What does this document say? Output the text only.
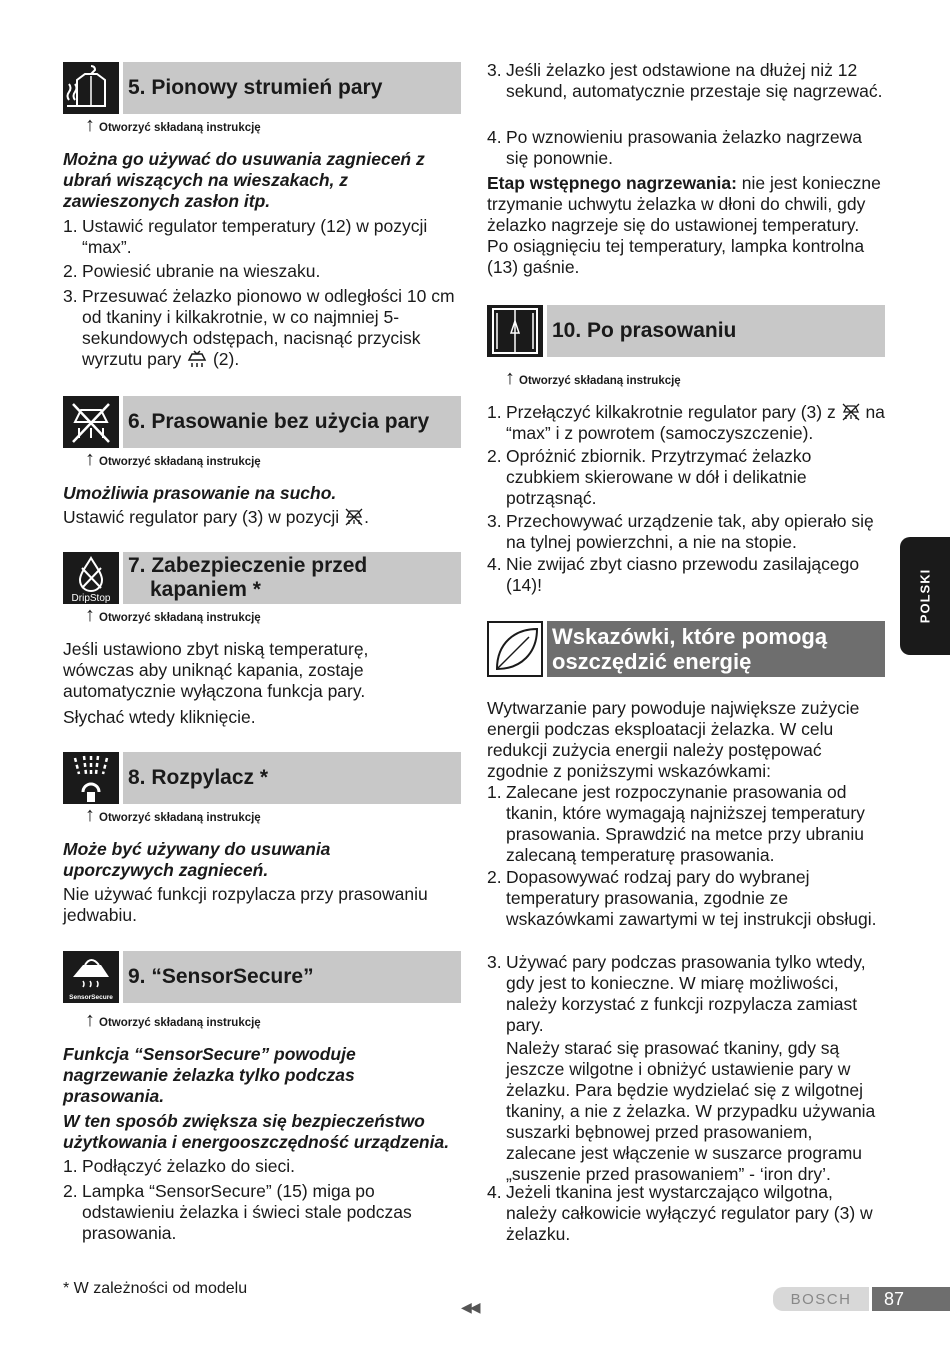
5. Pionowy strumień pary
↑ Otworzyć składaną instrukcję
Można go używać do usuwania zagnieceń z ubrań wiszących na wieszakach, z zawieszonych zasłon itp.
1. Ustawić regulator temperatury (12) w pozycji “max”.
2. Powiesić ubranie na wieszaku.
3. Przesuwać żelazko pionowo w odległości 10 cm od tkaniny i kilkakrotnie, w co najmniej 5-sekundowych odstępach, nacisnąć przycisk wyrzutu pary (2).
6. Prasowanie bez użycia pary
↑ Otworzyć składaną instrukcję
Umożliwia prasowanie na sucho.
Ustawić regulator pary (3) w pozycji .
DripStop
7. Zabezpieczenie przed
kapaniem *
↑ Otworzyć składaną instrukcję
Jeśli ustawiono zbyt niską temperaturę, wówczas aby uniknąć kapania, zostaje automatycznie wyłączona funkcja pary.
Słychać wtedy kliknięcie.
8. Rozpylacz *
↑ Otworzyć składaną instrukcję
Może być używany do usuwania uporczywych zagnieceń.
Nie używać funkcji rozpylacza przy prasowaniu jedwabiu.
SensorSecure
9. “SensorSecure”
↑ Otworzyć składaną instrukcję
Funkcja “SensorSecure” powoduje nagrzewanie żelazka tylko podczas prasowania.
W ten sposób zwiększa się bezpieczeństwo użytkowania i energooszczędność urządzenia.
1. Podłączyć żelazko do sieci.
2. Lampka “SensorSecure” (15) miga po odstawieniu żelazka i świeci stale podczas prasowania.
* W zależności od modelu
3. Jeśli żelazko jest odstawione na dłużej niż 12 sekund, automatycznie przestaje się nagrzewać.
4. Po wznowieniu prasowania żelazko nagrzewa się ponownie.
Etap wstępnego nagrzewania: nie jest konieczne trzymanie uchwytu żelazka w dłoni do chwili, gdy żelazko nagrzeje się do ustawionej temperatury. Po osiągnięciu tej temperatury, lampka kontrolna (13) gaśnie.
10. Po prasowaniu
↑ Otworzyć składaną instrukcję
1. Przełączyć kilkakrotnie regulator pary (3) z na “max” i z powrotem (samoczyszczenie).
2. Opróżnić zbiornik. Przytrzymać żelazko czubkiem skierowane w dół i delikatnie potrząsnąć.
3. Przechowywać urządzenie tak, aby opierało się na tylnej powierzchni, a nie na stopie.
4. Nie zwijać zbyt ciasno przewodu zasilającego (14)!
Wskazówki, które pomogą
oszczędzić energię
Wytwarzanie pary powoduje największe zużycie energii podczas eksploatacji żelazka. W celu redukcji zużycia energii należy postępować zgodnie z poniższymi wskazówkami:
1. Zalecane jest rozpoczynanie prasowania od tkanin, które wymagają najniższej temperatury prasowania. Sprawdzić na metce przy ubraniu zalecaną temperaturę prasowania.
2. Dopasowywać rodzaj pary do wybranej temperatury prasowania, zgodnie ze wskazówkami zawartymi w tej instrukcji obsługi.
3. Używać pary podczas prasowania tylko wtedy, gdy jest to konieczne. W miarę możliwości, należy korzystać z funkcji rozpylacza zamiast pary.
Należy starać się prasować tkaniny, gdy są jeszcze wilgotne i obniżyć ustawienie pary w żelazku. Para będzie wydzielać się z wilgotnej tkaniny, a nie z żelazka. W przypadku używania suszarki bębnowej przed prasowaniem, zalecane jest włączenie w suszarce programu „suszenie przed prasowaniem” - ‘iron dry’.
4. Jeżeli tkanina jest wystarczająco wilgotna, należy całkowicie wyłączyć regulator pary (3) w żelazku.
POLSKI
◀◀	BOSCH	87
